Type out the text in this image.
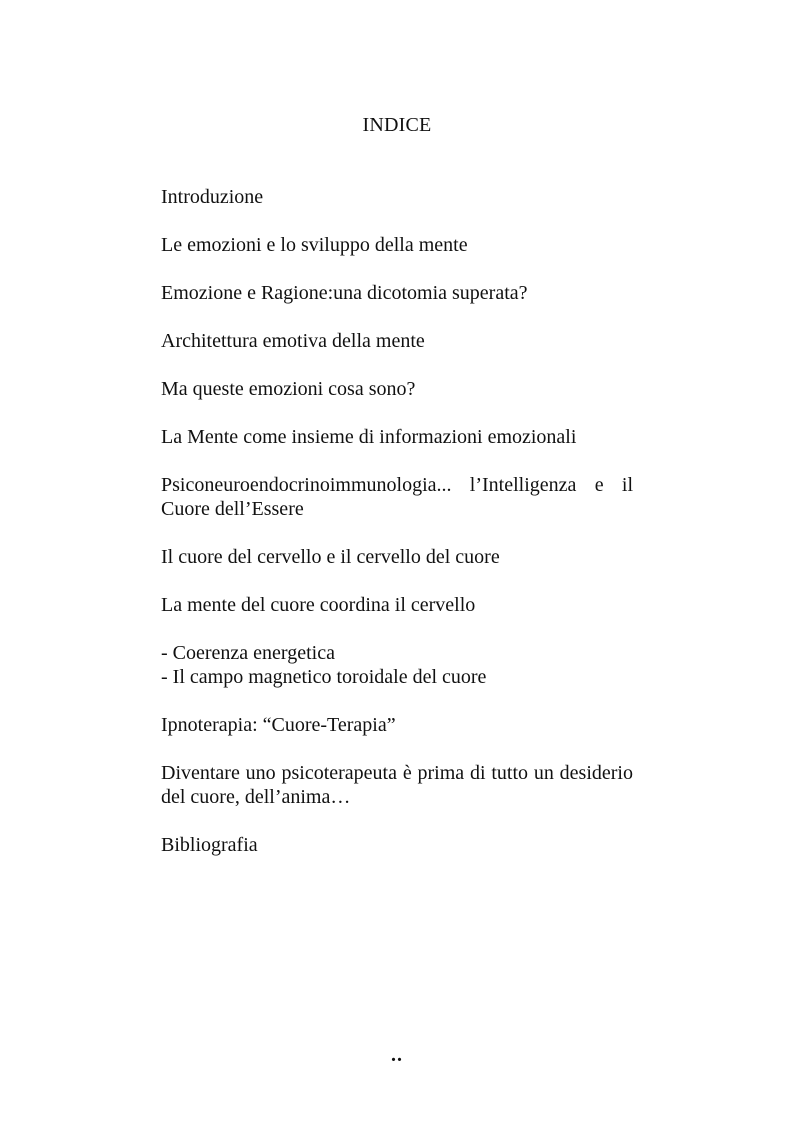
INDICE
Introduzione
Le emozioni e lo sviluppo della mente
Emozione e Ragione:una dicotomia superata?
Architettura emotiva della mente
Ma queste emozioni cosa sono?
La Mente come insieme di informazioni emozionali
Psiconeuroendocrinoimmunologia... l’Intelligenza e il Cuore dell’Essere
Il cuore del cervello e il cervello del cuore
La mente del cuore coordina il cervello
- Coerenza energetica
- Il campo magnetico toroidale del cuore
Ipnoterapia: “Cuore-Terapia”
Diventare uno psicoterapeuta è prima di tutto un desiderio del cuore, dell’anima…
Bibliografia
..
